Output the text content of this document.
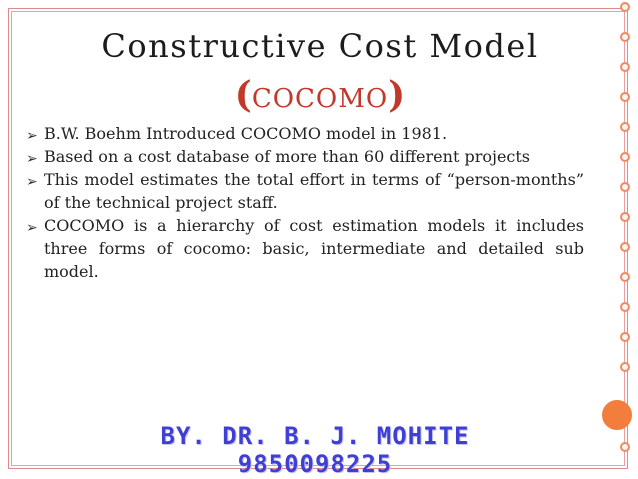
Constructive Cost Model
(COCOMO)
➢ B.W. Boehm Introduced COCOMO model in 1981.
➢ Based on a cost database of more than 60 different projects
➢ This model estimates the total effort in terms of “person-months” of the technical project staff.
➢ COCOMO is a hierarchy of cost estimation models it includes three forms of cocomo: basic, intermediate and detailed sub model.
BY. DR. B. J. MOHITE 9850098225
